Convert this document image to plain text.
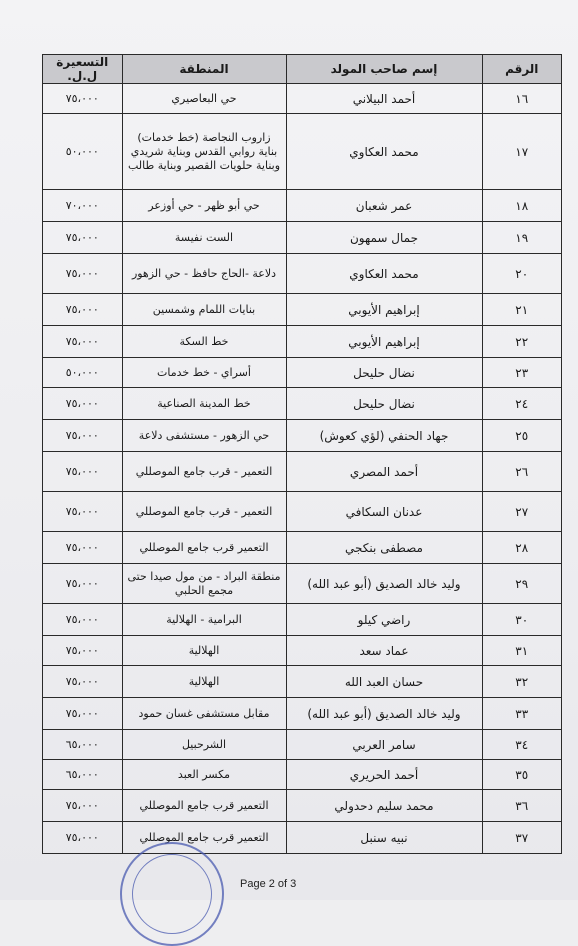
الرقم	إسم صاحب المولد	المنطقة	التسعيرة ل.ل.
١٦	أحمد البيلاني	حي البعاصيري	٧٥،٠٠٠
١٧	محمد العكاوي	زاروب النجاصة (خط خدمات) بناية روابي القدس وبناية شريدي وبناية حلويات القصير وبناية طالب	٥٠،٠٠٠
١٨	عمر شعبان	حي أبو ظهر - حي أوزعر	٧٠،٠٠٠
١٩	جمال سمهون	الست نفيسة	٧٥،٠٠٠
٢٠	محمد العكاوي	دلاعة -الحاج حافظ - حي الزهور	٧٥،٠٠٠
٢١	إبراهيم الأيوبي	بنايات اللمام وشمسين	٧٥،٠٠٠
٢٢	إبراهيم الأيوبي	خط السكة	٧٥،٠٠٠
٢٣	نضال حليحل	أسراي - خط خدمات	٥٠،٠٠٠
٢٤	نضال حليحل	خط المدينة الصناعية	٧٥،٠٠٠
٢٥	جهاد الحنفي (لؤي كعوش)	حي الزهور - مستشفى دلاعة	٧٥،٠٠٠
٢٦	أحمد المصري	التعمير - قرب جامع الموصللي	٧٥،٠٠٠
٢٧	عدنان السكافي	التعمير - قرب جامع الموصللي	٧٥،٠٠٠
٢٨	مصطفى بنكجي	التعمير قرب جامع الموصللي	٧٥،٠٠٠
٢٩	وليد خالد الصديق (أبو عبد الله)	منطقة البراد - من مول صيدا حتى مجمع الحلبي	٧٥،٠٠٠
٣٠	راضي كيلو	البرامية - الهلالية	٧٥،٠٠٠
٣١	عماد سعد	الهلالية	٧٥،٠٠٠
٣٢	حسان العبد الله	الهلالية	٧٥،٠٠٠
٣٣	وليد خالد الصديق (أبو عبد الله)	مقابل مستشفى غسان حمود	٧٥،٠٠٠
٣٤	سامر العربي	الشرحبيل	٦٥،٠٠٠
٣٥	أحمد الحريري	مكسر العبد	٦٥،٠٠٠
٣٦	محمد سليم دحدولي	التعمير قرب جامع الموصللي	٧٥،٠٠٠
٣٧	نبيه سنبل	التعمير قرب جامع الموصللي	٧٥،٠٠٠
Page 2 of 3
